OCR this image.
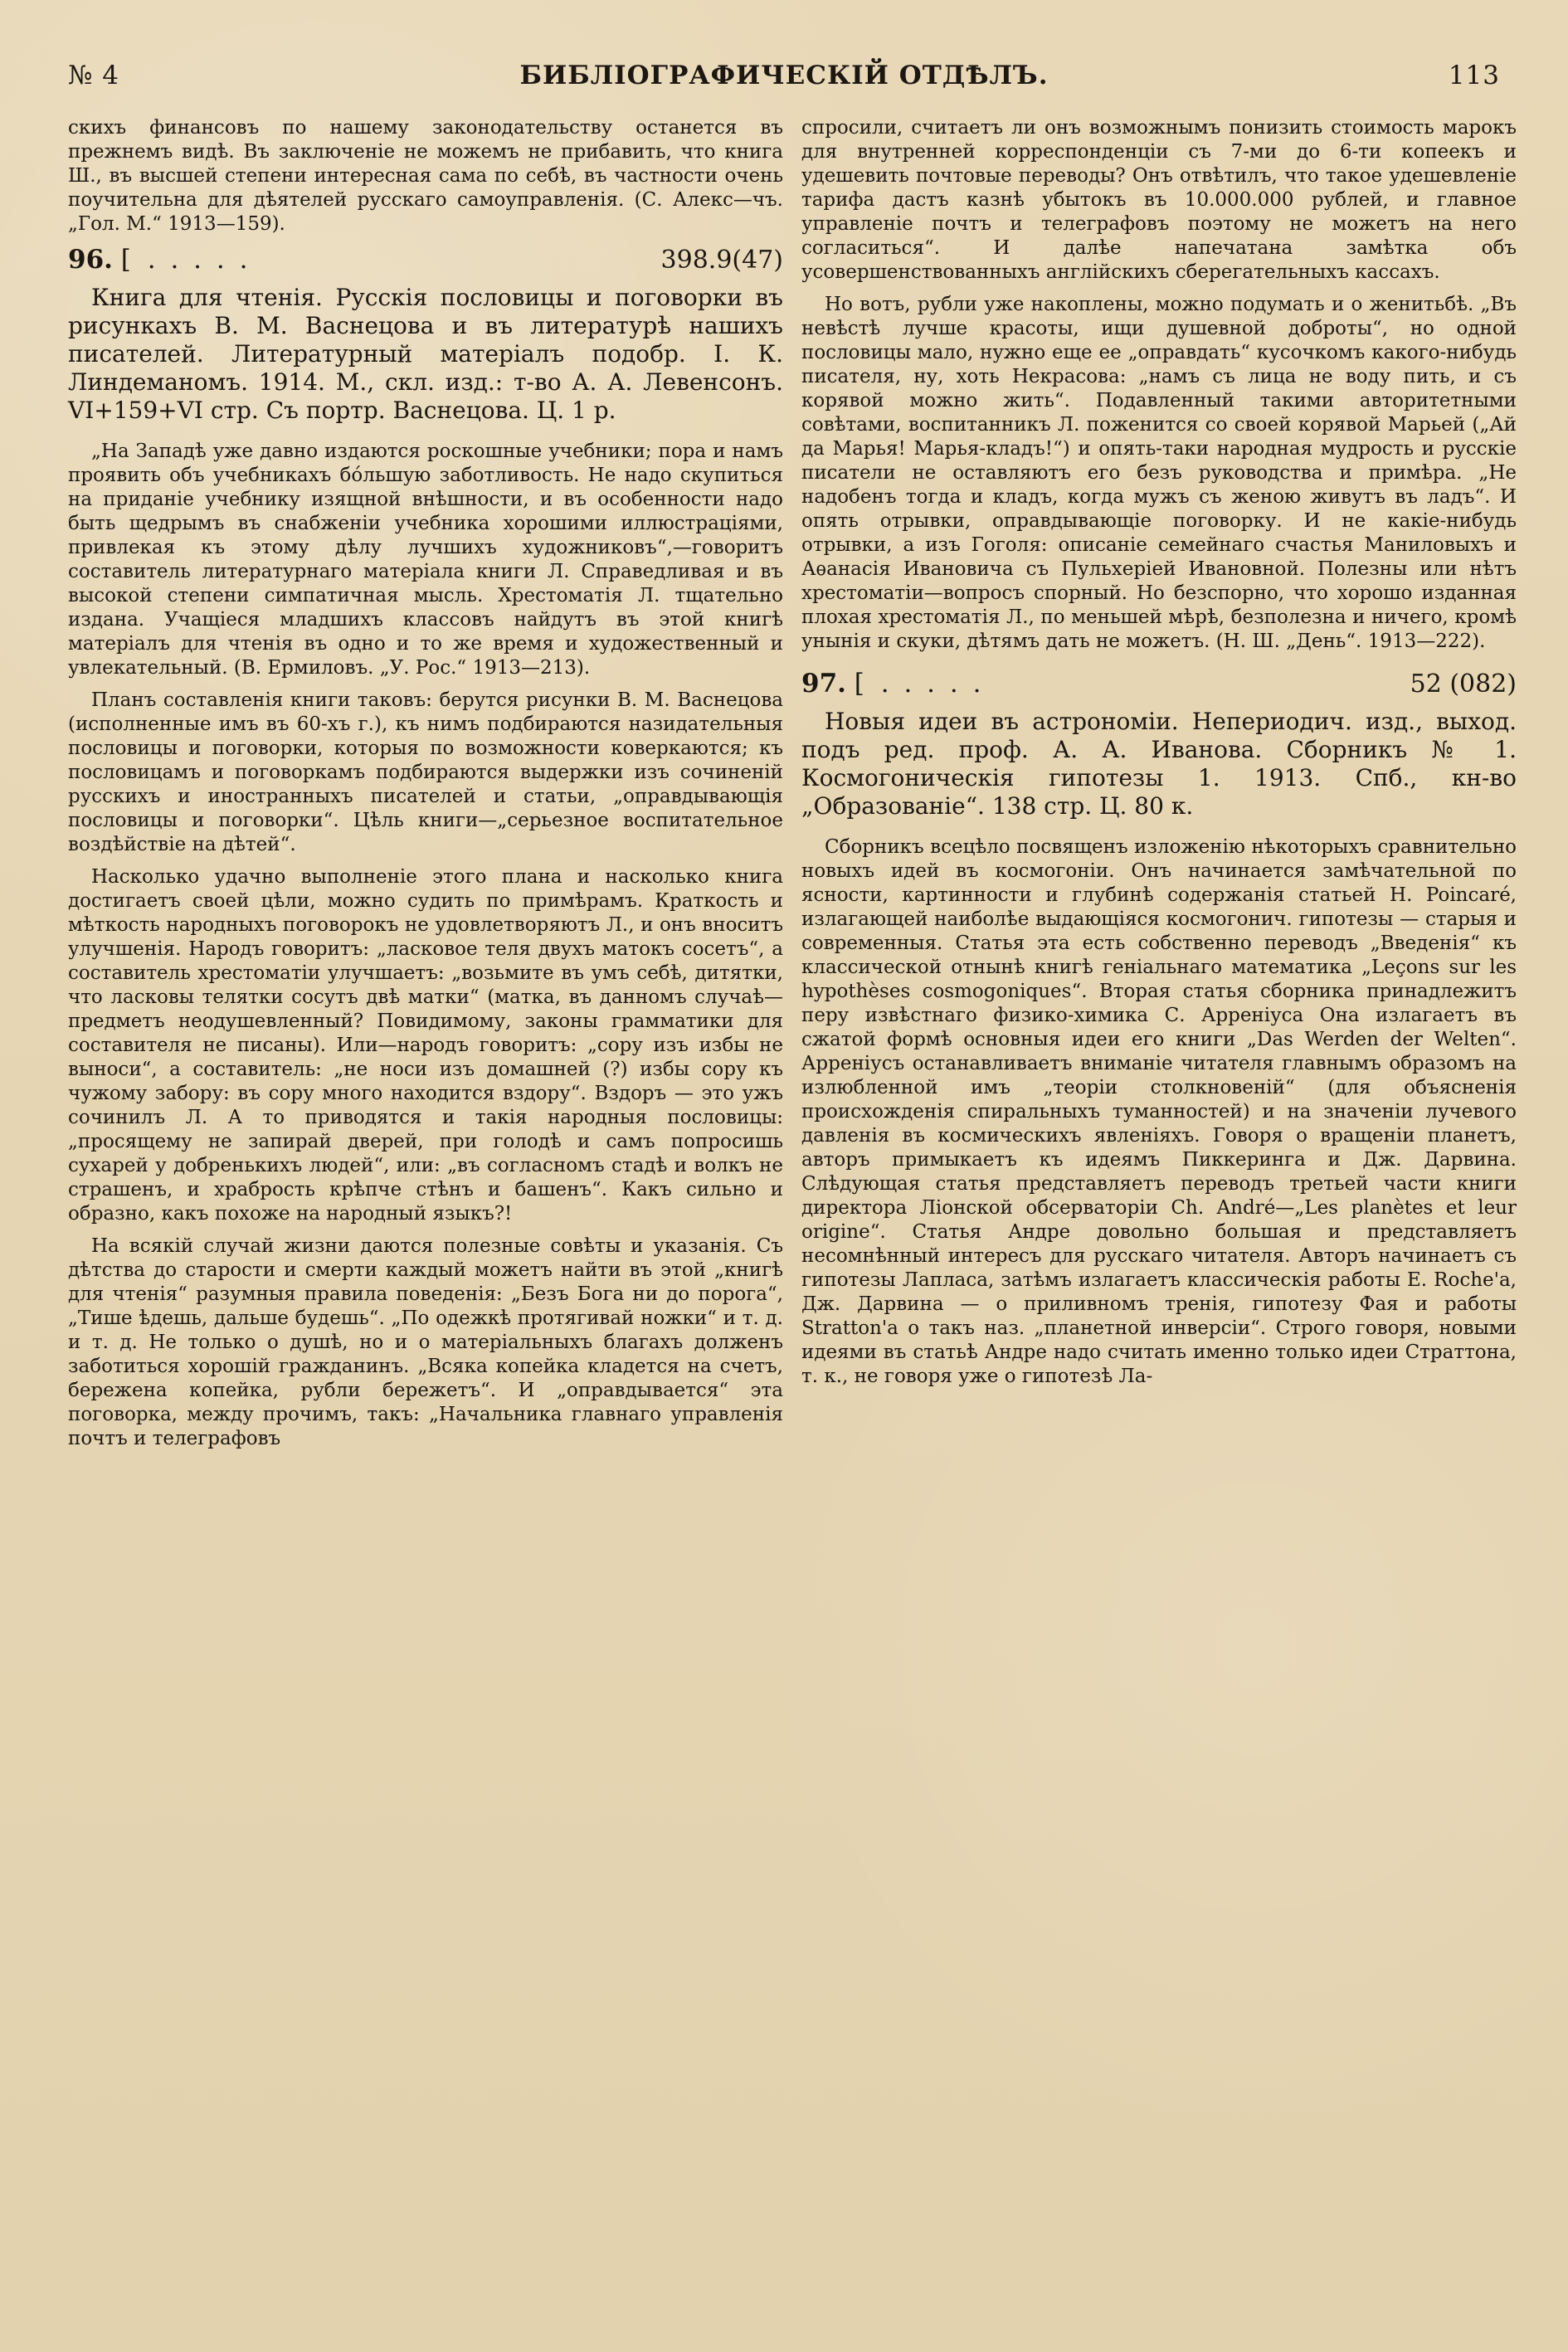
№ 4	БИБЛIОГРАФИЧЕСКIЙ ОТДѢЛЪ.	113

скихъ финансовъ по нашему законодательству останется въ прежнемъ видѣ. Въ заключенiе не можемъ не прибавить, что книга Ш., въ высшей степени интересная сама по себѣ, въ частности очень поучительна для дѣятелей русскаго самоуправленiя. (С. Алекс—чъ. „Гол. М.“ 1913—159).

96. [ . . . . .	398.9(47)

Книга для чтенiя. Русскiя пословицы и поговорки въ рисункахъ В. М. Васнецова и въ литературѣ нашихъ писателей. Литературный матерiалъ подобр. I. К. Линдеманомъ. 1914. М., скл. изд.: т-во А. А. Левенсонъ. VI+159+VI стр. Съ портр. Васнецова. Ц. 1 р.

„На Западѣ уже давно издаются роскошные учебники; пора и намъ проявить объ учебникахъ бóльшую заботливость. Не надо скупиться на приданiе учебнику изящной внѣшности, и въ особенности надо быть щедрымъ въ снабженiи учебника хорошими иллюстрацiями, привлекая къ этому дѣлу лучшихъ художниковъ“,—говоритъ составитель литературнаго матерiала книги Л. Справедливая и въ высокой степени симпатичная мысль. Хрестоматiя Л. тщательно издана. Учащiеся младшихъ классовъ найдутъ въ этой книгѣ матерiалъ для чтенiя въ одно и то же время и художественный и увлекательный. (В. Ермиловъ. „У. Рос.“ 1913—213).

Планъ составленiя книги таковъ: берутся рисунки В. М. Васнецова (исполненные имъ въ 60-хъ г.), къ нимъ подбираются назидательныя пословицы и поговорки, которыя по возможности коверкаются; къ пословицамъ и поговоркамъ подбираются выдержки изъ сочиненiй русскихъ и иностранныхъ писателей и статьи, „оправдывающiя пословицы и поговорки“. Цѣль книги—„серьезное воспитательное воздѣйствiе на дѣтей“.

Насколько удачно выполненiе этого плана и насколько книга достигаетъ своей цѣли, можно судить по примѣрамъ. Краткость и мѣткость народныхъ поговорокъ не удовлетворяютъ Л., и онъ вноситъ улучшенiя. Народъ говоритъ: „ласковое теля двухъ матокъ сосетъ“, а составитель хрестоматiи улучшаетъ: „возьмите въ умъ себѣ, дитятки, что ласковы телятки сосутъ двѣ матки“ (матка, въ данномъ случаѣ—предметъ неодушевленный? Повидимому, законы грамматики для составителя не писаны). Или—народъ говоритъ: „сору изъ избы не выноси“, а составитель: „не носи изъ домашней (?) избы сору къ чужому забору: въ сору много находится вздору“. Вздоръ — это ужъ сочинилъ Л. А то приводятся и такiя народныя пословицы: „просящему не запирай дверей, при голодѣ и самъ попросишь сухарей у добренькихъ людей“, или: „въ согласномъ стадѣ и волкъ не страшенъ, и храбрость крѣпче стѣнъ и башенъ“. Какъ сильно и образно, какъ похоже на народный языкъ?!

На всякiй случай жизни даются полезные совѣты и указанiя. Съ дѣтства до старости и смерти каждый можетъ найти въ этой „книгѣ для чтенiя“ разумныя правила поведенiя: „Безъ Бога ни до порога“, „Тише ѣдешь, дальше будешь“. „По одежкѣ протягивай ножки“ и т. д. и т. д. Не только о душѣ, но и о матерiальныхъ благахъ долженъ заботиться хорошiй гражданинъ. „Всяка копейка кладется на счетъ, бережена копейка, рубли бережетъ“. И „оправдывается“ эта поговорка, между прочимъ, такъ: „Начальника главнаго управленiя почтъ и телеграфовъ

спросили, считаетъ ли онъ возможнымъ понизить стоимость марокъ для внутренней корреспонденцiи съ 7-ми до 6-ти копеекъ и удешевить почтовые переводы? Онъ отвѣтилъ, что такое удешевленiе тарифа дастъ казнѣ убытокъ въ 10.000.000 рублей, и главное управленiе почтъ и телеграфовъ поэтому не можетъ на него согласиться“. И далѣе напечатана замѣтка объ усовершенствованныхъ англiйскихъ сберегательныхъ кассахъ.

Но вотъ, рубли уже накоплены, можно подумать и о женитьбѣ. „Въ невѣстѣ лучше красоты, ищи душевной доброты“, но одной пословицы мало, нужно еще ее „оправдать“ кусочкомъ какого-нибудь писателя, ну, хоть Некрасова: „намъ съ лица не воду пить, и съ корявой можно жить“. Подавленный такими авторитетными совѣтами, воспитанникъ Л. поженится со своей корявой Марьей („Ай да Марья! Марья-кладъ!“) и опять-таки народная мудрость и русскiе писатели не оставляютъ его безъ руководства и примѣра. „Не надобенъ тогда и кладъ, когда мужъ съ женою живутъ въ ладъ“. И опять отрывки, оправдывающiе поговорку. И не какiе-нибудь отрывки, а изъ Гоголя: описанiе семейнаго счастья Маниловыхъ и Аѳанасiя Ивановича съ Пульхерiей Ивановной. Полезны или нѣтъ хрестоматiи—вопросъ спорный. Но безспорно, что хорошо изданная плохая хрестоматiя Л., по меньшей мѣрѣ, безполезна и ничего, кромѣ унынiя и скуки, дѣтямъ дать не можетъ. (Н. Ш. „День“. 1913—222).

97. [ . . . . .	52 (082)

Новыя идеи въ астрономiи. Непериодич. изд., выход. подъ ред. проф. А. А. Иванова. Сборникъ № 1. Космогоническiя гипотезы 1. 1913. Спб., кн-во „Образованiе“. 138 стр. Ц. 80 к.

Сборникъ всецѣло посвященъ изложенiю нѣкоторыхъ сравнительно новыхъ идей въ космогонiи. Онъ начинается замѣчательной по ясности, картинности и глубинѣ содержанiя статьей H. Poincaré, излагающей наиболѣе выдающiяся космогонич. гипотезы — старыя и современныя. Статья эта есть собственно переводъ „Введенiя“ къ классической отнынѣ книгѣ генiальнаго математика „Leçons sur les hypothèses cosmogoniques“. Вторая статья сборника принадлежитъ перу извѣстнаго физико-химика С. Арренiуса Она излагаетъ въ сжатой формѣ основныя идеи его книги „Das Werden der Welten“. Арренiусъ останавливаетъ вниманiе читателя главнымъ образомъ на излюбленной имъ „теорiи столкновенiй“ (для объясненiя происхожденiя спиральныхъ туманностей) и на значенiи лучевого давленiя въ космическихъ явленiяхъ. Говоря о вращенiи планетъ, авторъ примыкаетъ къ идеямъ Пиккеринга и Дж. Дарвина. Слѣдующая статья представляетъ переводъ третьей части книги директора Лiонской обсерваторiи Ch. André—„Les planètes et leur origine“. Статья Андре довольно большая и представляетъ несомнѣнный интересъ для русскаго читателя. Авторъ начинаетъ съ гипотезы Лапласа, затѣмъ излагаетъ классическiя работы E. Roche'а, Дж. Дарвина — о приливномъ тренiя, гипотезу Фая и работы Stratton'а о такъ наз. „планетной инверсiи“. Строго говоря, новыми идеями въ статьѣ Андре надо считать именно только идеи Страттона, т. к., не говоря уже о гипотезѣ Ла-
